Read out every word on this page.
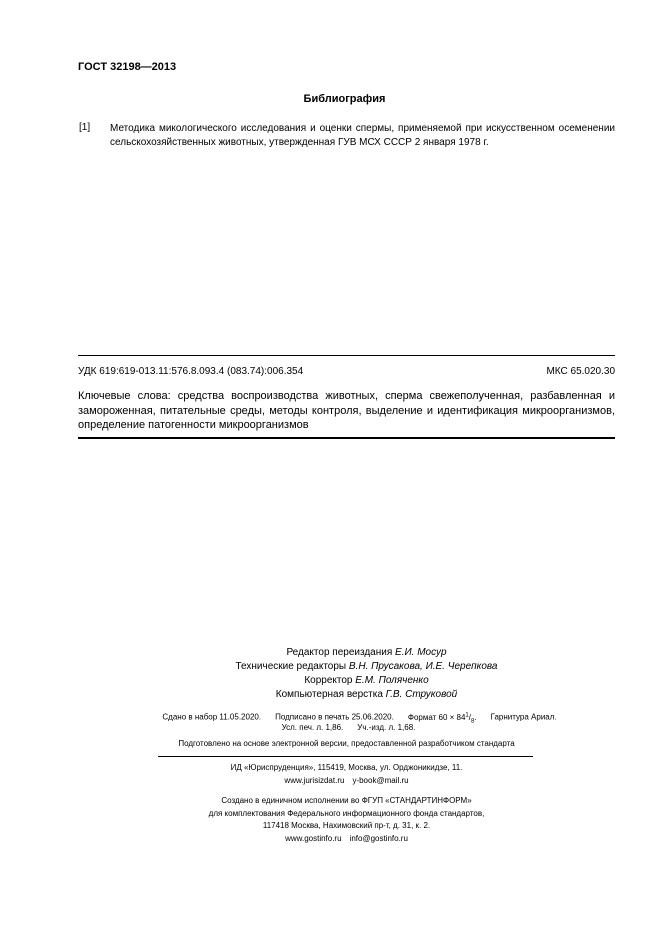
ГОСТ 32198—2013
Библиография
[1] Методика микологического исследования и оценки спермы, применяемой при искусственном осеменении сельскохозяйственных животных, утвержденная ГУВ МСХ СССР 2 января 1978 г.
УДК 619:619-013.11:576.8.093.4 (083.74):006.354	МКС 65.020.30
Ключевые слова: средства воспроизводства животных, сперма свежеполученная, разбавленная и замороженная, питательные среды, методы контроля, выделение и идентификация микроорганизмов, определение патогенности микроорганизмов
Редактор переиздания Е.И. Мосур
Технические редакторы В.Н. Прусакова, И.Е. Черепкова
Корректор Е.М. Поляченко
Компьютерная верстка Г.В. Струковой
Сдано в набор 11.05.2020. Подписано в печать 25.06.2020. Формат $60 \times 84^1/_8$. Гарнитура Ариал.
Усл. печ. л. 1,86. Уч.-изд. л. 1,68.
Подготовлено на основе электронной версии, предоставленной разработчиком стандарта
ИД «Юриспруденция», 115419, Москва, ул. Орджоникидзе, 11.
www.jurisizdat.ru y-book@mail.ru
Создано в единичном исполнении во ФГУП «СТАНДАРТИНФОРМ»
для комплектования Федерального информационного фонда стандартов,
117418 Москва, Нахимовский пр-т, д. 31, к. 2.
www.gostinfo.ru info@gostinfo.ru
